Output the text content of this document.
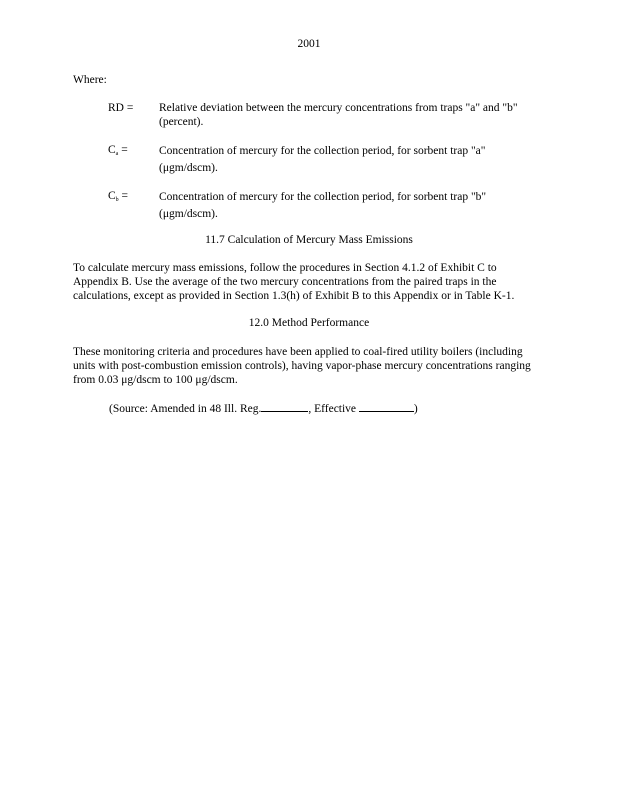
2001
Where:
RD =	Relative deviation between the mercury concentrations from traps "a" and "b" (percent).
$C_a$ =	Concentration of mercury for the collection period, for sorbent trap "a" (μgm/dscm).
$C_b$ =	Concentration of mercury for the collection period, for sorbent trap "b" (μgm/dscm).
11.7 Calculation of Mercury Mass Emissions
To calculate mercury mass emissions, follow the procedures in Section 4.1.2 of Exhibit C to Appendix B. Use the average of the two mercury concentrations from the paired traps in the calculations, except as provided in Section 1.3(h) of Exhibit B to this Appendix or in Table K-1.
12.0 Method Performance
These monitoring criteria and procedures have been applied to coal-fired utility boilers (including units with post-combustion emission controls), having vapor-phase mercury concentrations ranging from 0.03 μg/dscm to 100 μg/dscm.
(Source: Amended in 48 Ill. Reg.	, Effective	)
